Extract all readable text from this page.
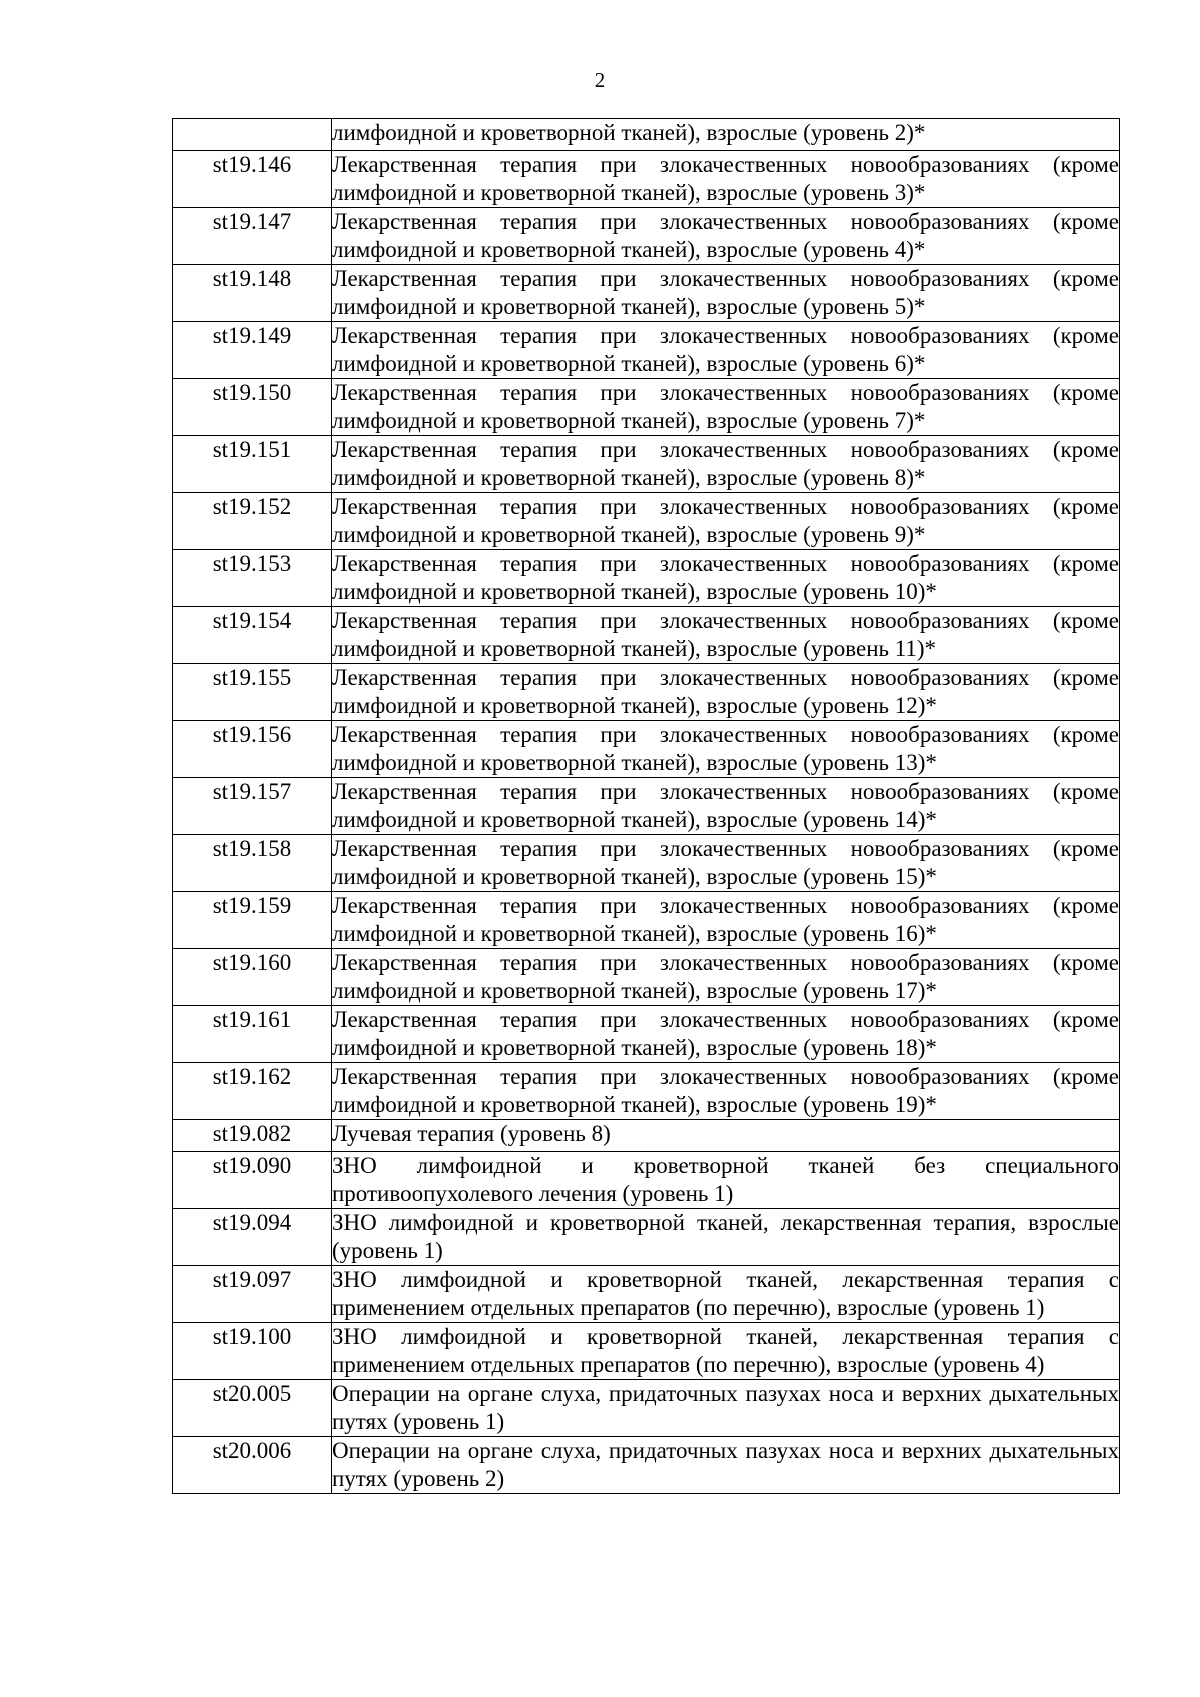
2
	лимфоидной и кроветворной тканей), взрослые (уровень 2)*
st19.146	Лекарственная терапия при злокачественных новообразованиях (кроме лимфоидной и кроветворной тканей), взрослые (уровень 3)*
st19.147	Лекарственная терапия при злокачественных новообразованиях (кроме лимфоидной и кроветворной тканей), взрослые (уровень 4)*
st19.148	Лекарственная терапия при злокачественных новообразованиях (кроме лимфоидной и кроветворной тканей), взрослые (уровень 5)*
st19.149	Лекарственная терапия при злокачественных новообразованиях (кроме лимфоидной и кроветворной тканей), взрослые (уровень 6)*
st19.150	Лекарственная терапия при злокачественных новообразованиях (кроме лимфоидной и кроветворной тканей), взрослые (уровень 7)*
st19.151	Лекарственная терапия при злокачественных новообразованиях (кроме лимфоидной и кроветворной тканей), взрослые (уровень 8)*
st19.152	Лекарственная терапия при злокачественных новообразованиях (кроме лимфоидной и кроветворной тканей), взрослые (уровень 9)*
st19.153	Лекарственная терапия при злокачественных новообразованиях (кроме лимфоидной и кроветворной тканей), взрослые (уровень 10)*
st19.154	Лекарственная терапия при злокачественных новообразованиях (кроме лимфоидной и кроветворной тканей), взрослые (уровень 11)*
st19.155	Лекарственная терапия при злокачественных новообразованиях (кроме лимфоидной и кроветворной тканей), взрослые (уровень 12)*
st19.156	Лекарственная терапия при злокачественных новообразованиях (кроме лимфоидной и кроветворной тканей), взрослые (уровень 13)*
st19.157	Лекарственная терапия при злокачественных новообразованиях (кроме лимфоидной и кроветворной тканей), взрослые (уровень 14)*
st19.158	Лекарственная терапия при злокачественных новообразованиях (кроме лимфоидной и кроветворной тканей), взрослые (уровень 15)*
st19.159	Лекарственная терапия при злокачественных новообразованиях (кроме лимфоидной и кроветворной тканей), взрослые (уровень 16)*
st19.160	Лекарственная терапия при злокачественных новообразованиях (кроме лимфоидной и кроветворной тканей), взрослые (уровень 17)*
st19.161	Лекарственная терапия при злокачественных новообразованиях (кроме лимфоидной и кроветворной тканей), взрослые (уровень 18)*
st19.162	Лекарственная терапия при злокачественных новообразованиях (кроме лимфоидной и кроветворной тканей), взрослые (уровень 19)*
st19.082	Лучевая терапия (уровень 8)
st19.090	ЗНО лимфоидной и кроветворной тканей без специального противоопухолевого лечения (уровень 1)
st19.094	ЗНО лимфоидной и кроветворной тканей, лекарственная терапия, взрослые (уровень 1)
st19.097	ЗНО лимфоидной и кроветворной тканей, лекарственная терапия с применением отдельных препаратов (по перечню), взрослые (уровень 1)
st19.100	ЗНО лимфоидной и кроветворной тканей, лекарственная терапия с применением отдельных препаратов (по перечню), взрослые (уровень 4)
st20.005	Операции на органе слуха, придаточных пазухах носа и верхних дыхательных путях (уровень 1)
st20.006	Операции на органе слуха, придаточных пазухах носа и верхних дыхательных путях (уровень 2)
